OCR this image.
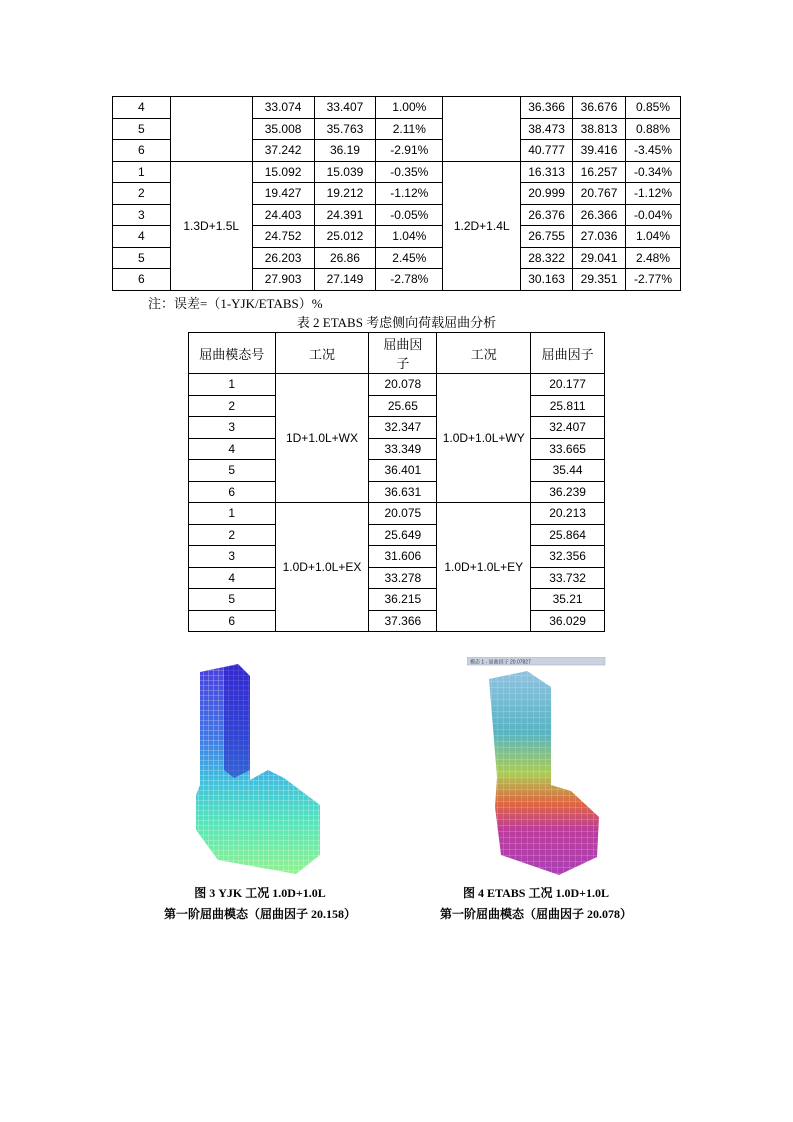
4		33.074	33.407	1.00%		36.366	36.676	0.85%
5		35.008	35.763	2.11%		38.473	38.813	0.88%
6		37.242	36.19	-2.91%		40.777	39.416	-3.45%
1	1.3D+1.5L	15.092	15.039	-0.35%	1.2D+1.4L	16.313	16.257	-0.34%
2		19.427	19.212	-1.12%		20.999	20.767	-1.12%
3		24.403	24.391	-0.05%		26.376	26.366	-0.04%
4		24.752	25.012	1.04%		26.755	27.036	1.04%
5		26.203	26.86	2.45%		28.322	29.041	2.48%
6		27.903	27.149	-2.78%		30.163	29.351	-2.77%
注：误差=（1-YJK/ETABS）%
表 2 ETABS 考虑侧向荷载屈曲分析
屈曲模态号	工况	屈曲因子	工况	屈曲因子
1	1D+1.0L+WX	20.078	1.0D+1.0L+WY	20.177
2		25.65		25.811
3		32.347		32.407
4		33.349		33.665
5		36.401		35.44
6		36.631		36.239
1	1.0D+1.0L+EX	20.075	1.0D+1.0L+EY	20.213
2		25.649		25.864
3		31.606		32.356
4		33.278		33.732
5		36.215		35.21
6		37.366		36.029
模态 1 - 屈曲因子 20.07827
图 3 YJK 工况 1.0D+1.0L
第一阶屈曲模态（屈曲因子 20.158）
图 4 ETABS 工况 1.0D+1.0L
第一阶屈曲模态（屈曲因子 20.078）
